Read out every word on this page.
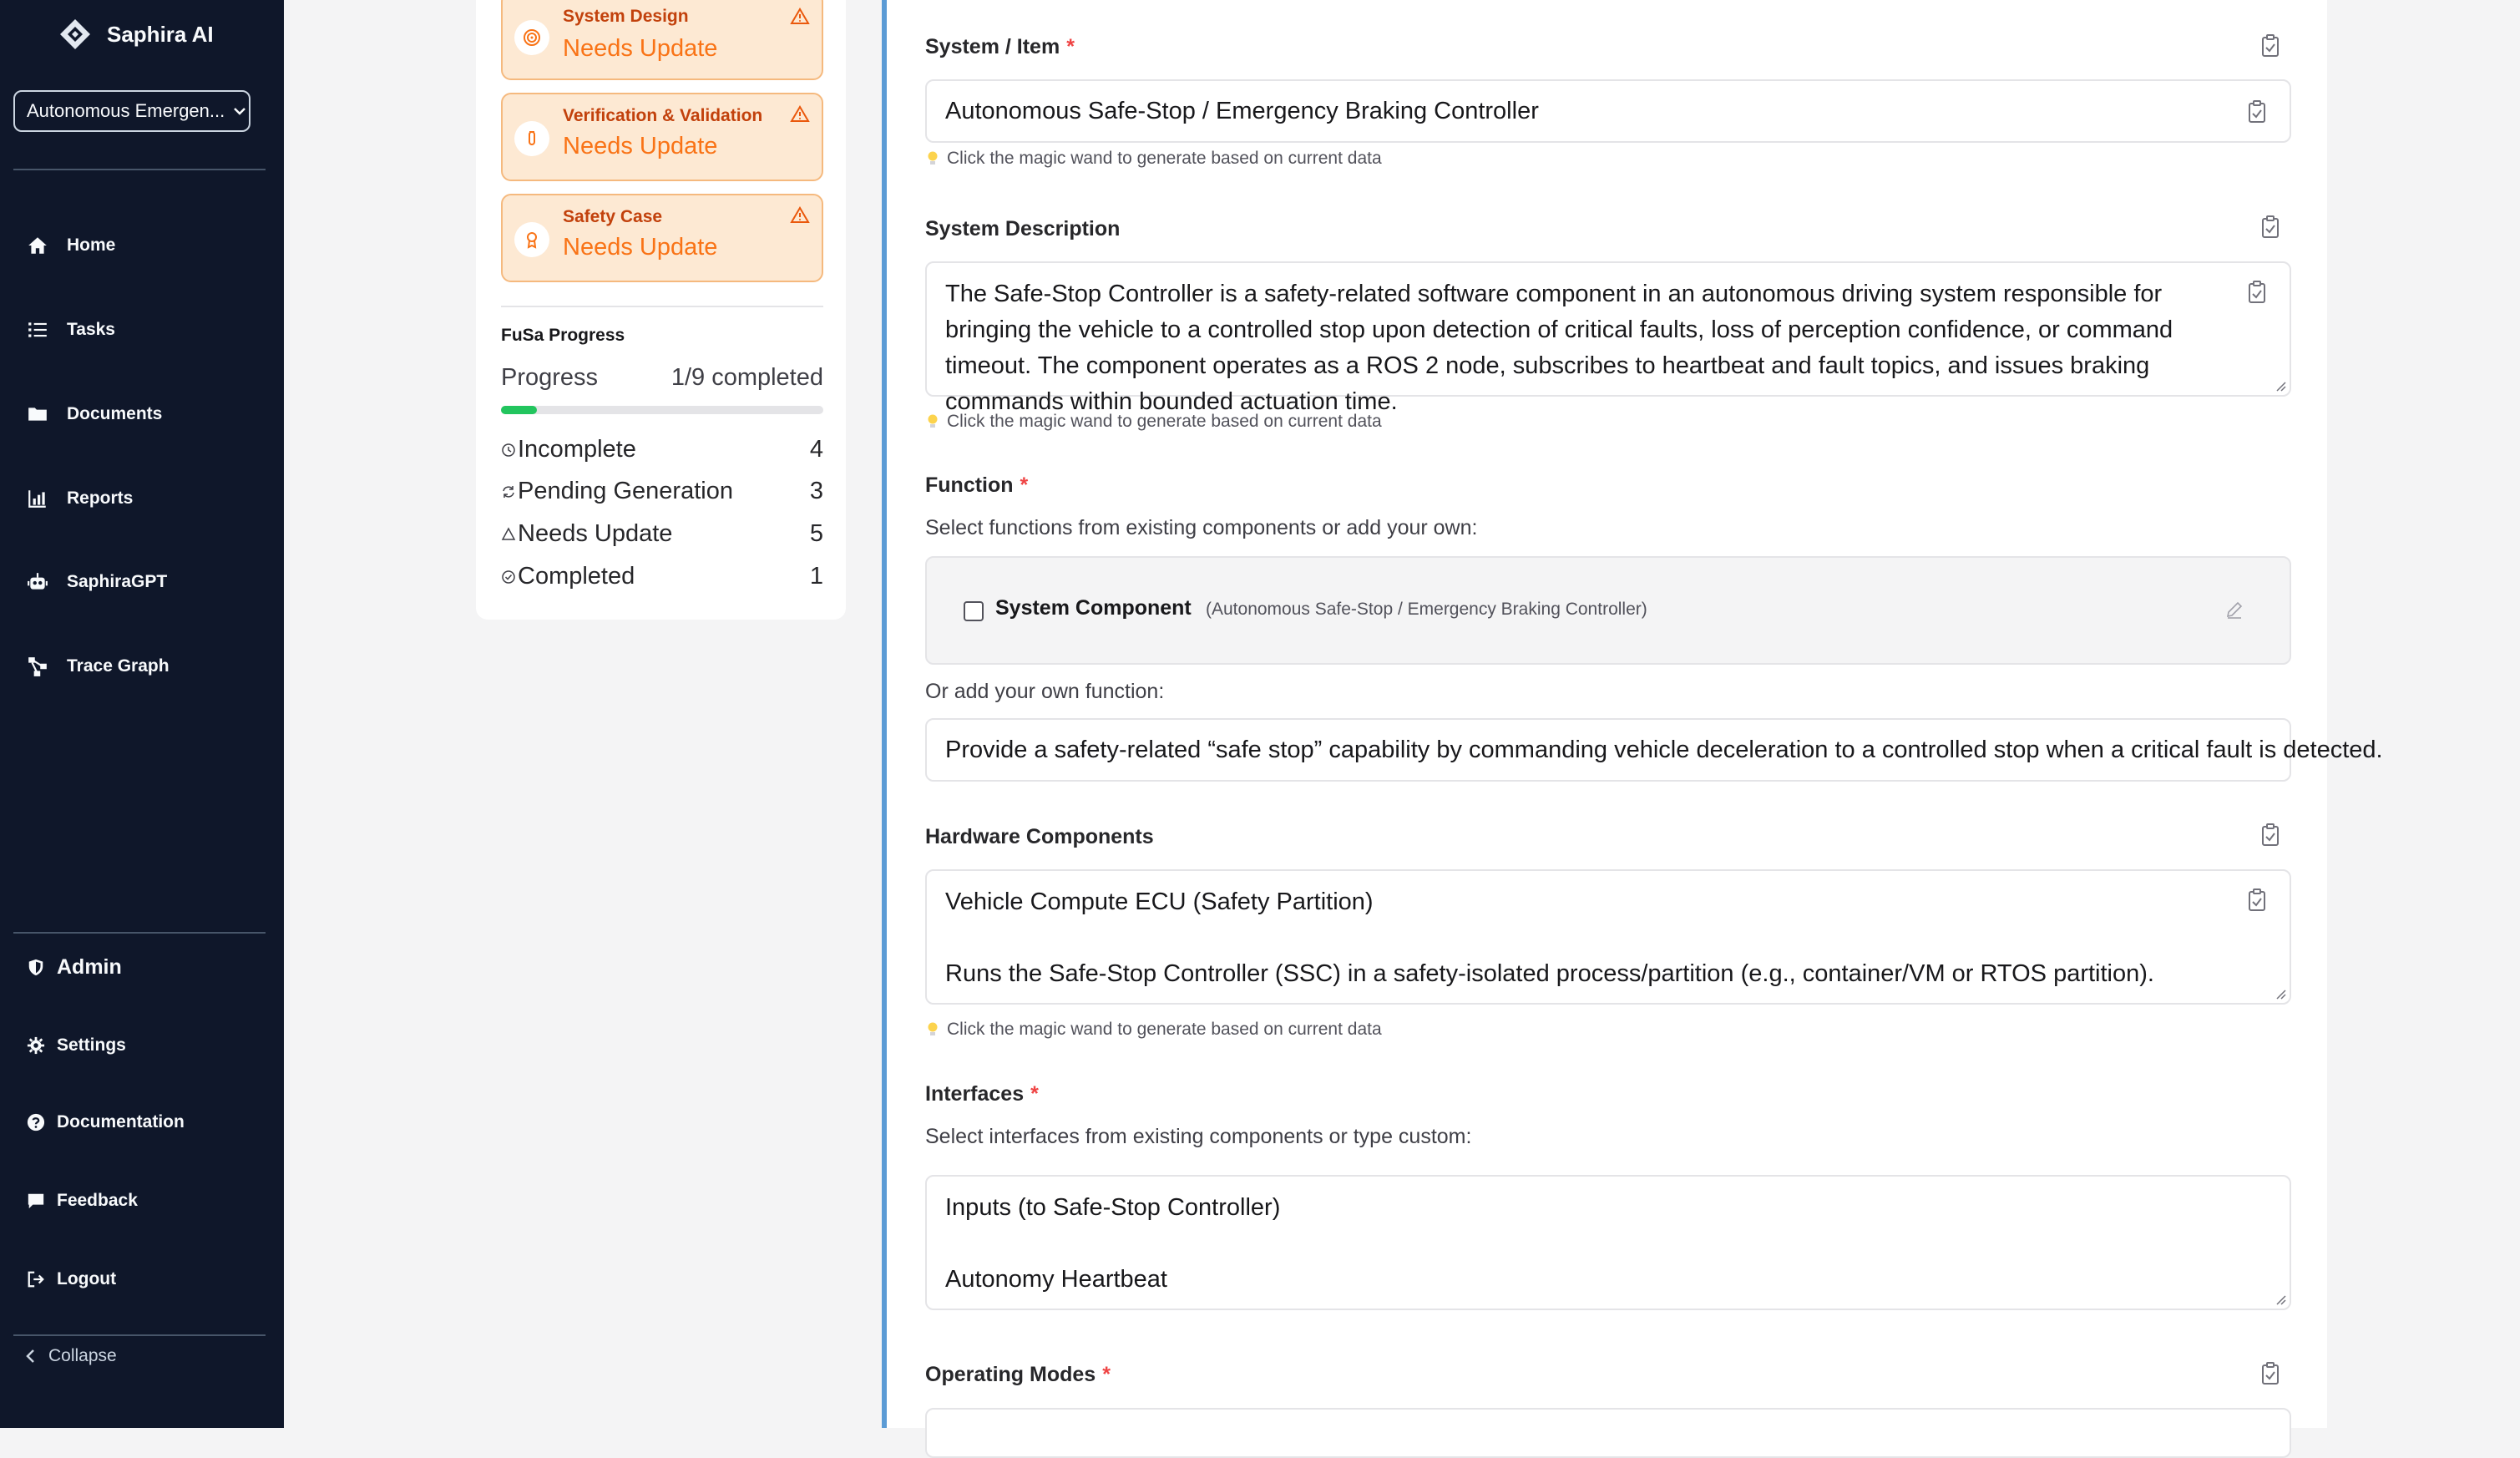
Saphira AI
Autonomous Emergen...
Home
Tasks
Documents
Reports
SaphiraGPT
Trace Graph
Admin
Settings
Documentation
Feedback
Logout
Collapse
System Design
Needs Update
Verification & Validation
Needs Update
Safety Case
Needs Update
FuSa Progress
Progress	1/9 completed
Incomplete	4
Pending Generation	3
Needs Update	5
Completed	1
System / Item *
Autonomous Safe-Stop / Emergency Braking Controller
Click the magic wand to generate based on current data
System Description
The Safe-Stop Controller is a safety-related software component in an autonomous driving system responsible for bringing the vehicle to a controlled stop upon detection of critical faults, loss of perception confidence, or command timeout. The component operates as a ROS 2 node, subscribes to heartbeat and fault topics, and issues braking commands within bounded actuation time.
Click the magic wand to generate based on current data
Function *
Select functions from existing components or add your own:
System Component (Autonomous Safe-Stop / Emergency Braking Controller)
Or add your own function:
Provide a safety-related “safe stop” capability by commanding vehicle deceleration to a controlled stop when a critical fault is detected.
Hardware Components
Vehicle Compute ECU (Safety Partition)
Runs the Safe-Stop Controller (SSC) in a safety-isolated process/partition (e.g., container/VM or RTOS partition).
Click the magic wand to generate based on current data
Interfaces *
Select interfaces from existing components or type custom:
Inputs (to Safe-Stop Controller)
Autonomy Heartbeat
Operating Modes *
